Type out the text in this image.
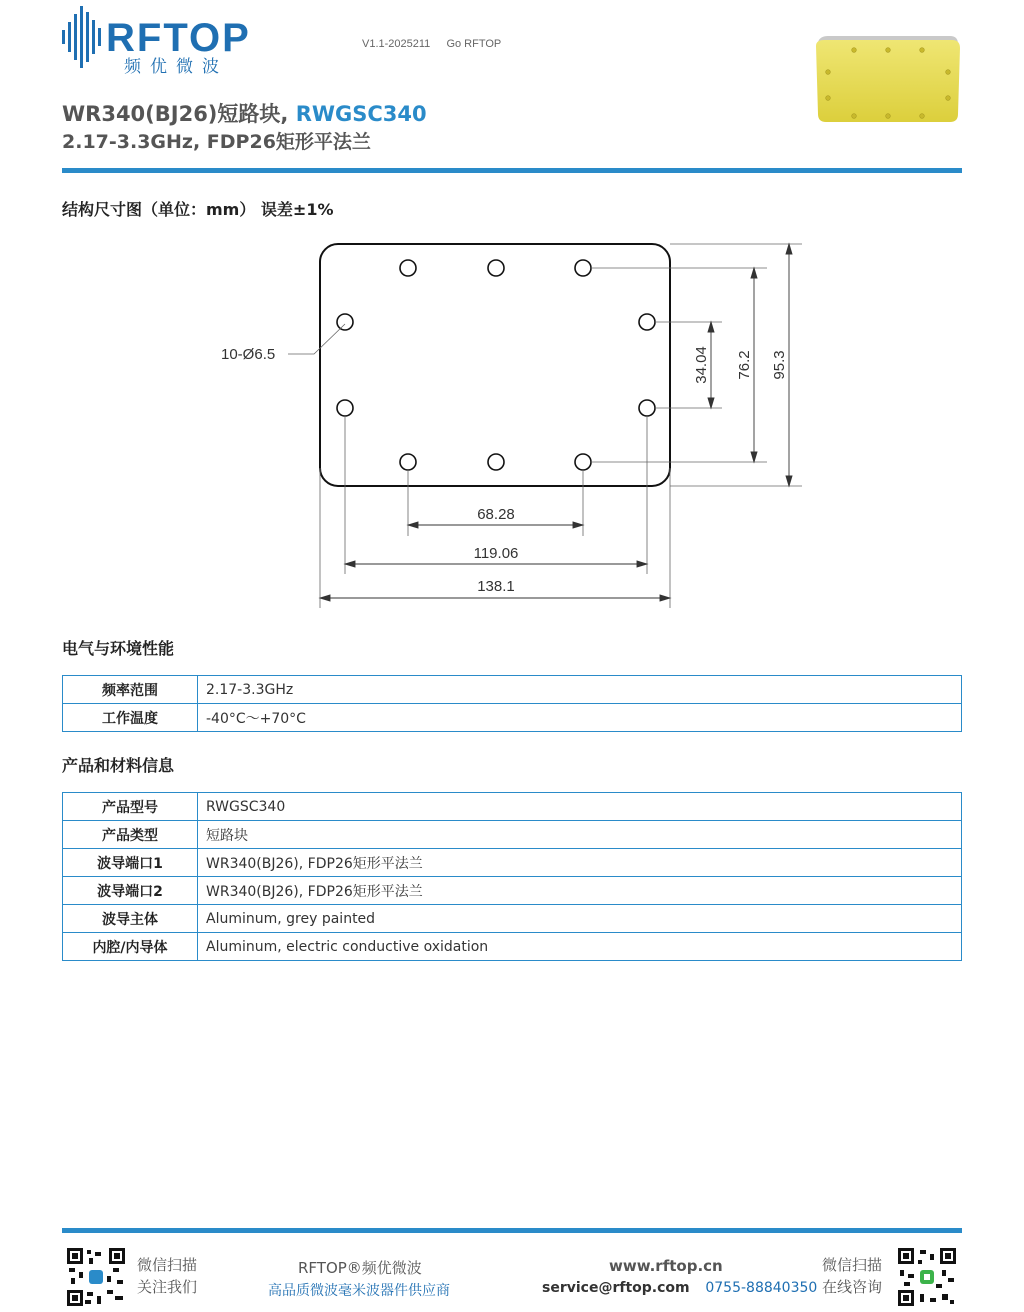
RFTOP
频优微波
V1.1-2025211 Go RFTOP
WR340(BJ26)短路块, RWGSC340
2.17-3.3GHz, FDP26矩形平法兰
结构尺寸图（单位：mm） 误差±1%
10-Ø6.5
68.28
119.06
138.1
34.04 76.2 95.3
电气与环境性能
频率范围	2.17-3.3GHz
工作温度	-40°C～+70°C
产品和材料信息
产品型号	RWGSC340
产品类型	短路块
波导端口1	WR340(BJ26), FDP26矩形平法兰
波导端口2	WR340(BJ26), FDP26矩形平法兰
波导主体	Aluminum, grey painted
内腔/内导体	Aluminum, electric conductive oxidation
微信扫描
关注我们
RFTOP®频优微波
高品质微波毫米波器件供应商
www.rftop.cn
service@rftop.com 0755-88840350
微信扫描
在线咨询
